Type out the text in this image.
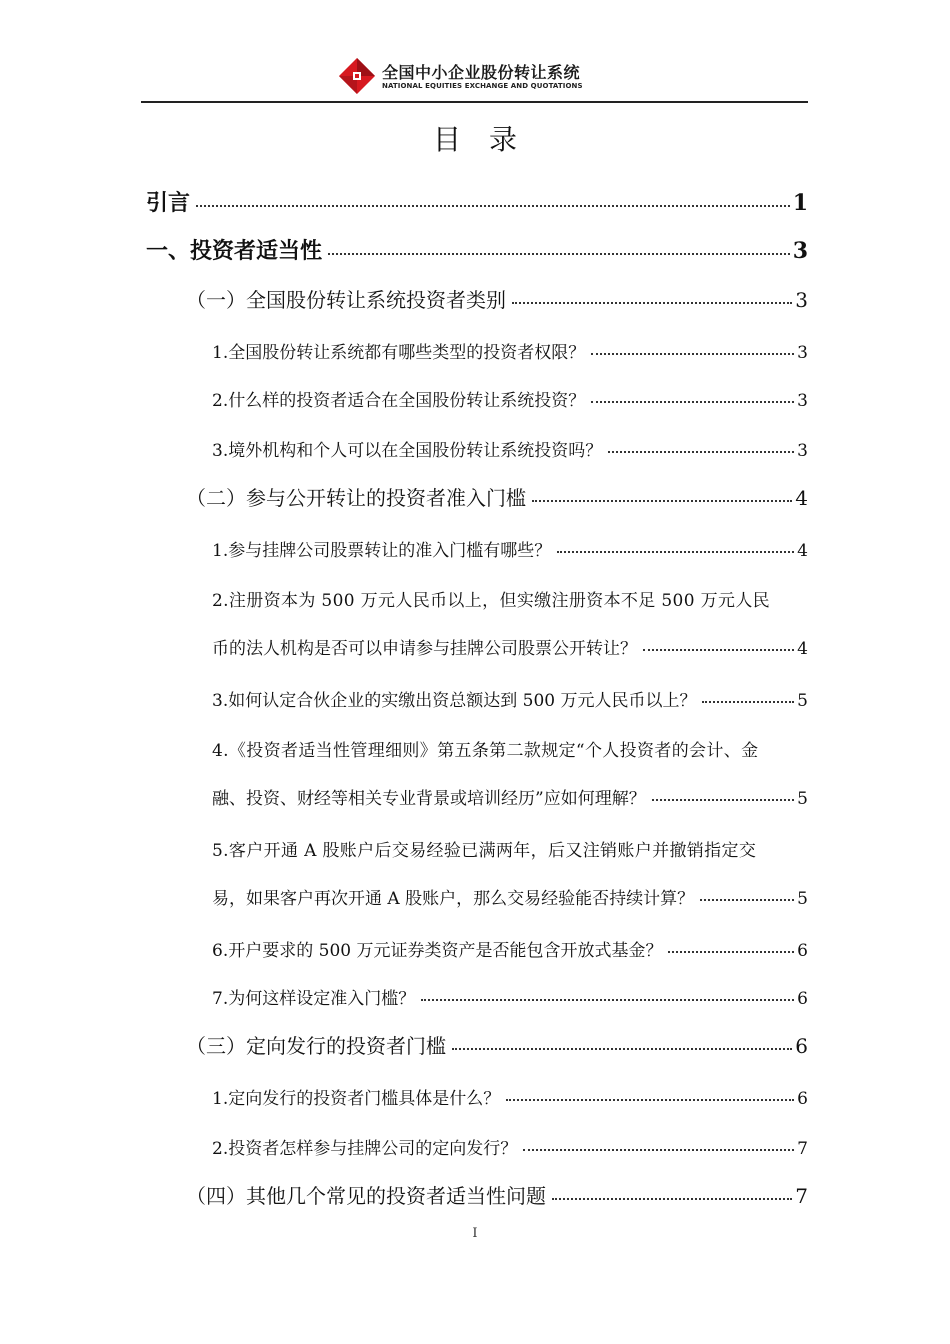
全国中小企业股份转让系统
NATIONAL EQUITIES EXCHANGE AND QUOTATIONS
目录
引言	1
一、投资者适当性	3
（一）全国股份转让系统投资者类别	3
1.全国股份转让系统都有哪些类型的投资者权限？	3
2.什么样的投资者适合在全国股份转让系统投资？	3
3.境外机构和个人可以在全国股份转让系统投资吗？	3
（二）参与公开转让的投资者准入门槛	4
1.参与挂牌公司股票转让的准入门槛有哪些？	4
2.注册资本为 500 万元人民币以上，但实缴注册资本不足 500 万元人民
币的法人机构是否可以申请参与挂牌公司股票公开转让？	4
3.如何认定合伙企业的实缴出资总额达到 500 万元人民币以上？	5
4.《投资者适当性管理细则》第五条第二款规定“个人投资者的会计、金
融、投资、财经等相关专业背景或培训经历”应如何理解？	5
5.客户开通 A 股账户后交易经验已满两年，后又注销账户并撤销指定交
易，如果客户再次开通 A 股账户，那么交易经验能否持续计算？	5
6.开户要求的 500 万元证券类资产是否能包含开放式基金？	6
7.为何这样设定准入门槛？	6
（三）定向发行的投资者门槛	6
1.定向发行的投资者门槛具体是什么？	6
2.投资者怎样参与挂牌公司的定向发行？	7
（四）其他几个常见的投资者适当性问题	7
I
